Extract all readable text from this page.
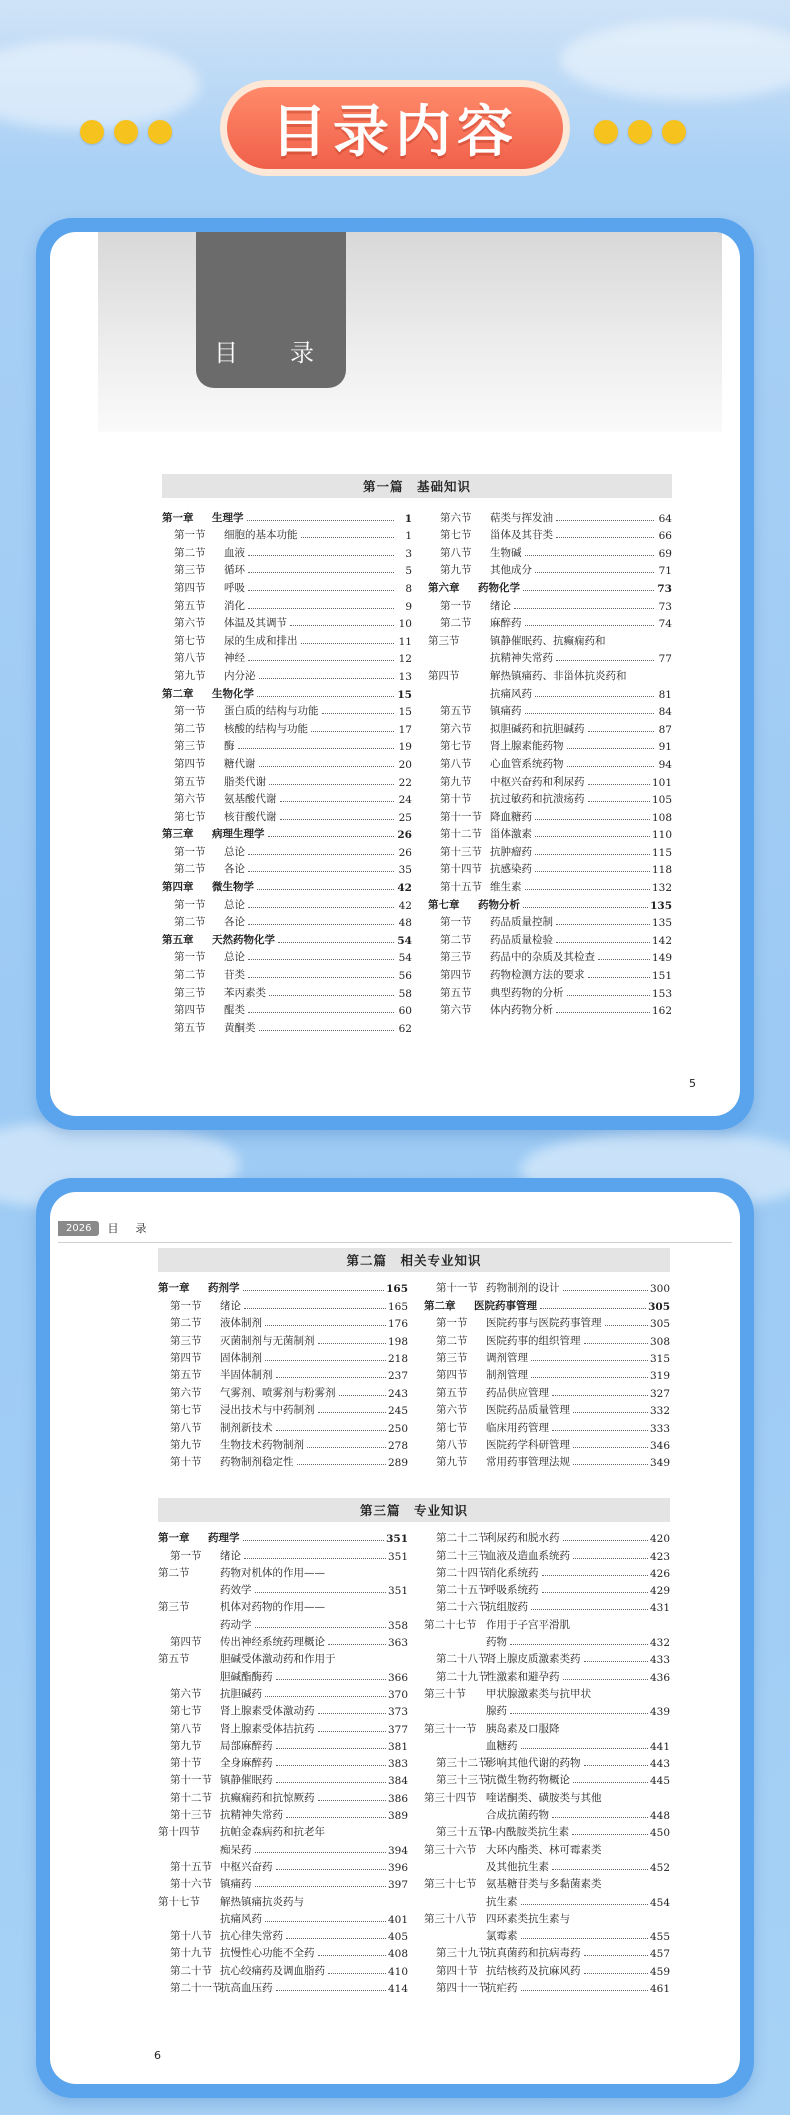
目录内容
目　录
第一篇　基础知识
第一章	生理学	1
第一节	细胞的基本功能	1
第二节	血液	3
第三节	循环	5
第四节	呼吸	8
第五节	消化	9
第六节	体温及其调节	10
第七节	尿的生成和排出	11
第八节	神经	12
第九节	内分泌	13
第二章	生物化学	15
第一节	蛋白质的结构与功能	15
第二节	核酸的结构与功能	17
第三节	酶	19
第四节	糖代谢	20
第五节	脂类代谢	22
第六节	氨基酸代谢	24
第七节	核苷酸代谢	25
第三章	病理生理学	26
第一节	总论	26
第二节	各论	35
第四章	微生物学	42
第一节	总论	42
第二节	各论	48
第五章	天然药物化学	54
第一节	总论	54
第二节	苷类	56
第三节	苯丙素类	58
第四节	醌类	60
第五节	黄酮类	62
第六节	萜类与挥发油	64
第七节	甾体及其苷类	66
第八节	生物碱	69
第九节	其他成分	71
第六章	药物化学	73
第一节	绪论	73
第二节	麻醉药	74
第三节	镇静催眠药、抗癫痫药和
抗精神失常药	77
第四节	解热镇痛药、非甾体抗炎药和
抗痛风药	81
第五节	镇痛药	84
第六节	拟胆碱药和抗胆碱药	87
第七节	肾上腺素能药物	91
第八节	心血管系统药物	94
第九节	中枢兴奋药和利尿药	101
第十节	抗过敏药和抗溃疡药	105
第十一节 降血糖药	108
第十二节 甾体激素	110
第十三节 抗肿瘤药	115
第十四节 抗感染药	118
第十五节 维生素	132
第七章	药物分析	135
第一节	药品质量控制	135
第二节	药品质量检验	142
第三节	药品中的杂质及其检查	149
第四节	药物检测方法的要求	151
第五节	典型药物的分析	153
第六节	体内药物分析	162
5
2026	目　录
第二篇　相关专业知识
第一章	药剂学	165
第一节	绪论	165
第二节	液体制剂	176
第三节	灭菌制剂与无菌制剂	198
第四节	固体制剂	218
第五节	半固体制剂	237
第六节	气雾剂、喷雾剂与粉雾剂	243
第七节	浸出技术与中药制剂	245
第八节	制剂新技术	250
第九节	生物技术药物制剂	278
第十节	药物制剂稳定性	289
第十一节 药物制剂的设计	300
第二章	医院药事管理	305
第一节	医院药事与医院药事管理	305
第二节	医院药事的组织管理	308
第三节	调剂管理	315
第四节	制剂管理	319
第五节	药品供应管理	327
第六节	医院药品质量管理	332
第七节	临床用药管理	333
第八节	医院药学科研管理	346
第九节	常用药事管理法规	349
第三篇　专业知识
第一章	药理学	351
第一节	绪论	351
第二节	药物对机体的作用——
药效学	351
第三节	机体对药物的作用——
药动学	358
第四节	传出神经系统药理概论	363
第五节	胆碱受体激动药和作用于
胆碱酯酶药	366
第六节	抗胆碱药	370
第七节	肾上腺素受体激动药	373
第八节	肾上腺素受体拮抗药	377
第九节	局部麻醉药	381
第十节	全身麻醉药	383
第十一节 镇静催眠药	384
第十二节 抗癫痫药和抗惊厥药	386
第十三节 抗精神失常药	389
第十四节	抗帕金森病药和抗老年
痴呆药	394
第十五节 中枢兴奋药	396
第十六节 镇痛药	397
第十七节	解热镇痛抗炎药与
抗痛风药	401
第十八节 抗心律失常药	405
第十九节 抗慢性心功能不全药	408
第二十节 抗心绞痛药及调血脂药	410
第二十一节
抗高血压药	414
第二十二节
利尿药和脱水药	420
第二十三节
血液及造血系统药	423
第二十四节
消化系统药	426
第二十五节
呼吸系统药	429
第二十六节
抗组胺药	431
第二十七节 作用于子宫平滑肌
药物	432
第二十八节
肾上腺皮质激素类药	433
第二十九节
性激素和避孕药	436
第三十节	甲状腺激素类与抗甲状
腺药	439
第三十一节 胰岛素及口服降
血糖药	441
第三十二节
影响其他代谢的药物	443
第三十三节
抗微生物药物概论	445
第三十四节 喹诺酮类、磺胺类与其他
合成抗菌药物	448
第三十五节
β-内酰胺类抗生素	450
第三十六节 大环内酯类、林可霉素类
及其他抗生素	452
第三十七节 氨基糖苷类与多黏菌素类
抗生素	454
第三十八节 四环素类抗生素与
氯霉素	455
第三十九节
抗真菌药和抗病毒药	457
第四十节 抗结核药及抗麻风药	459
第四十一节
抗疟药	461
6
